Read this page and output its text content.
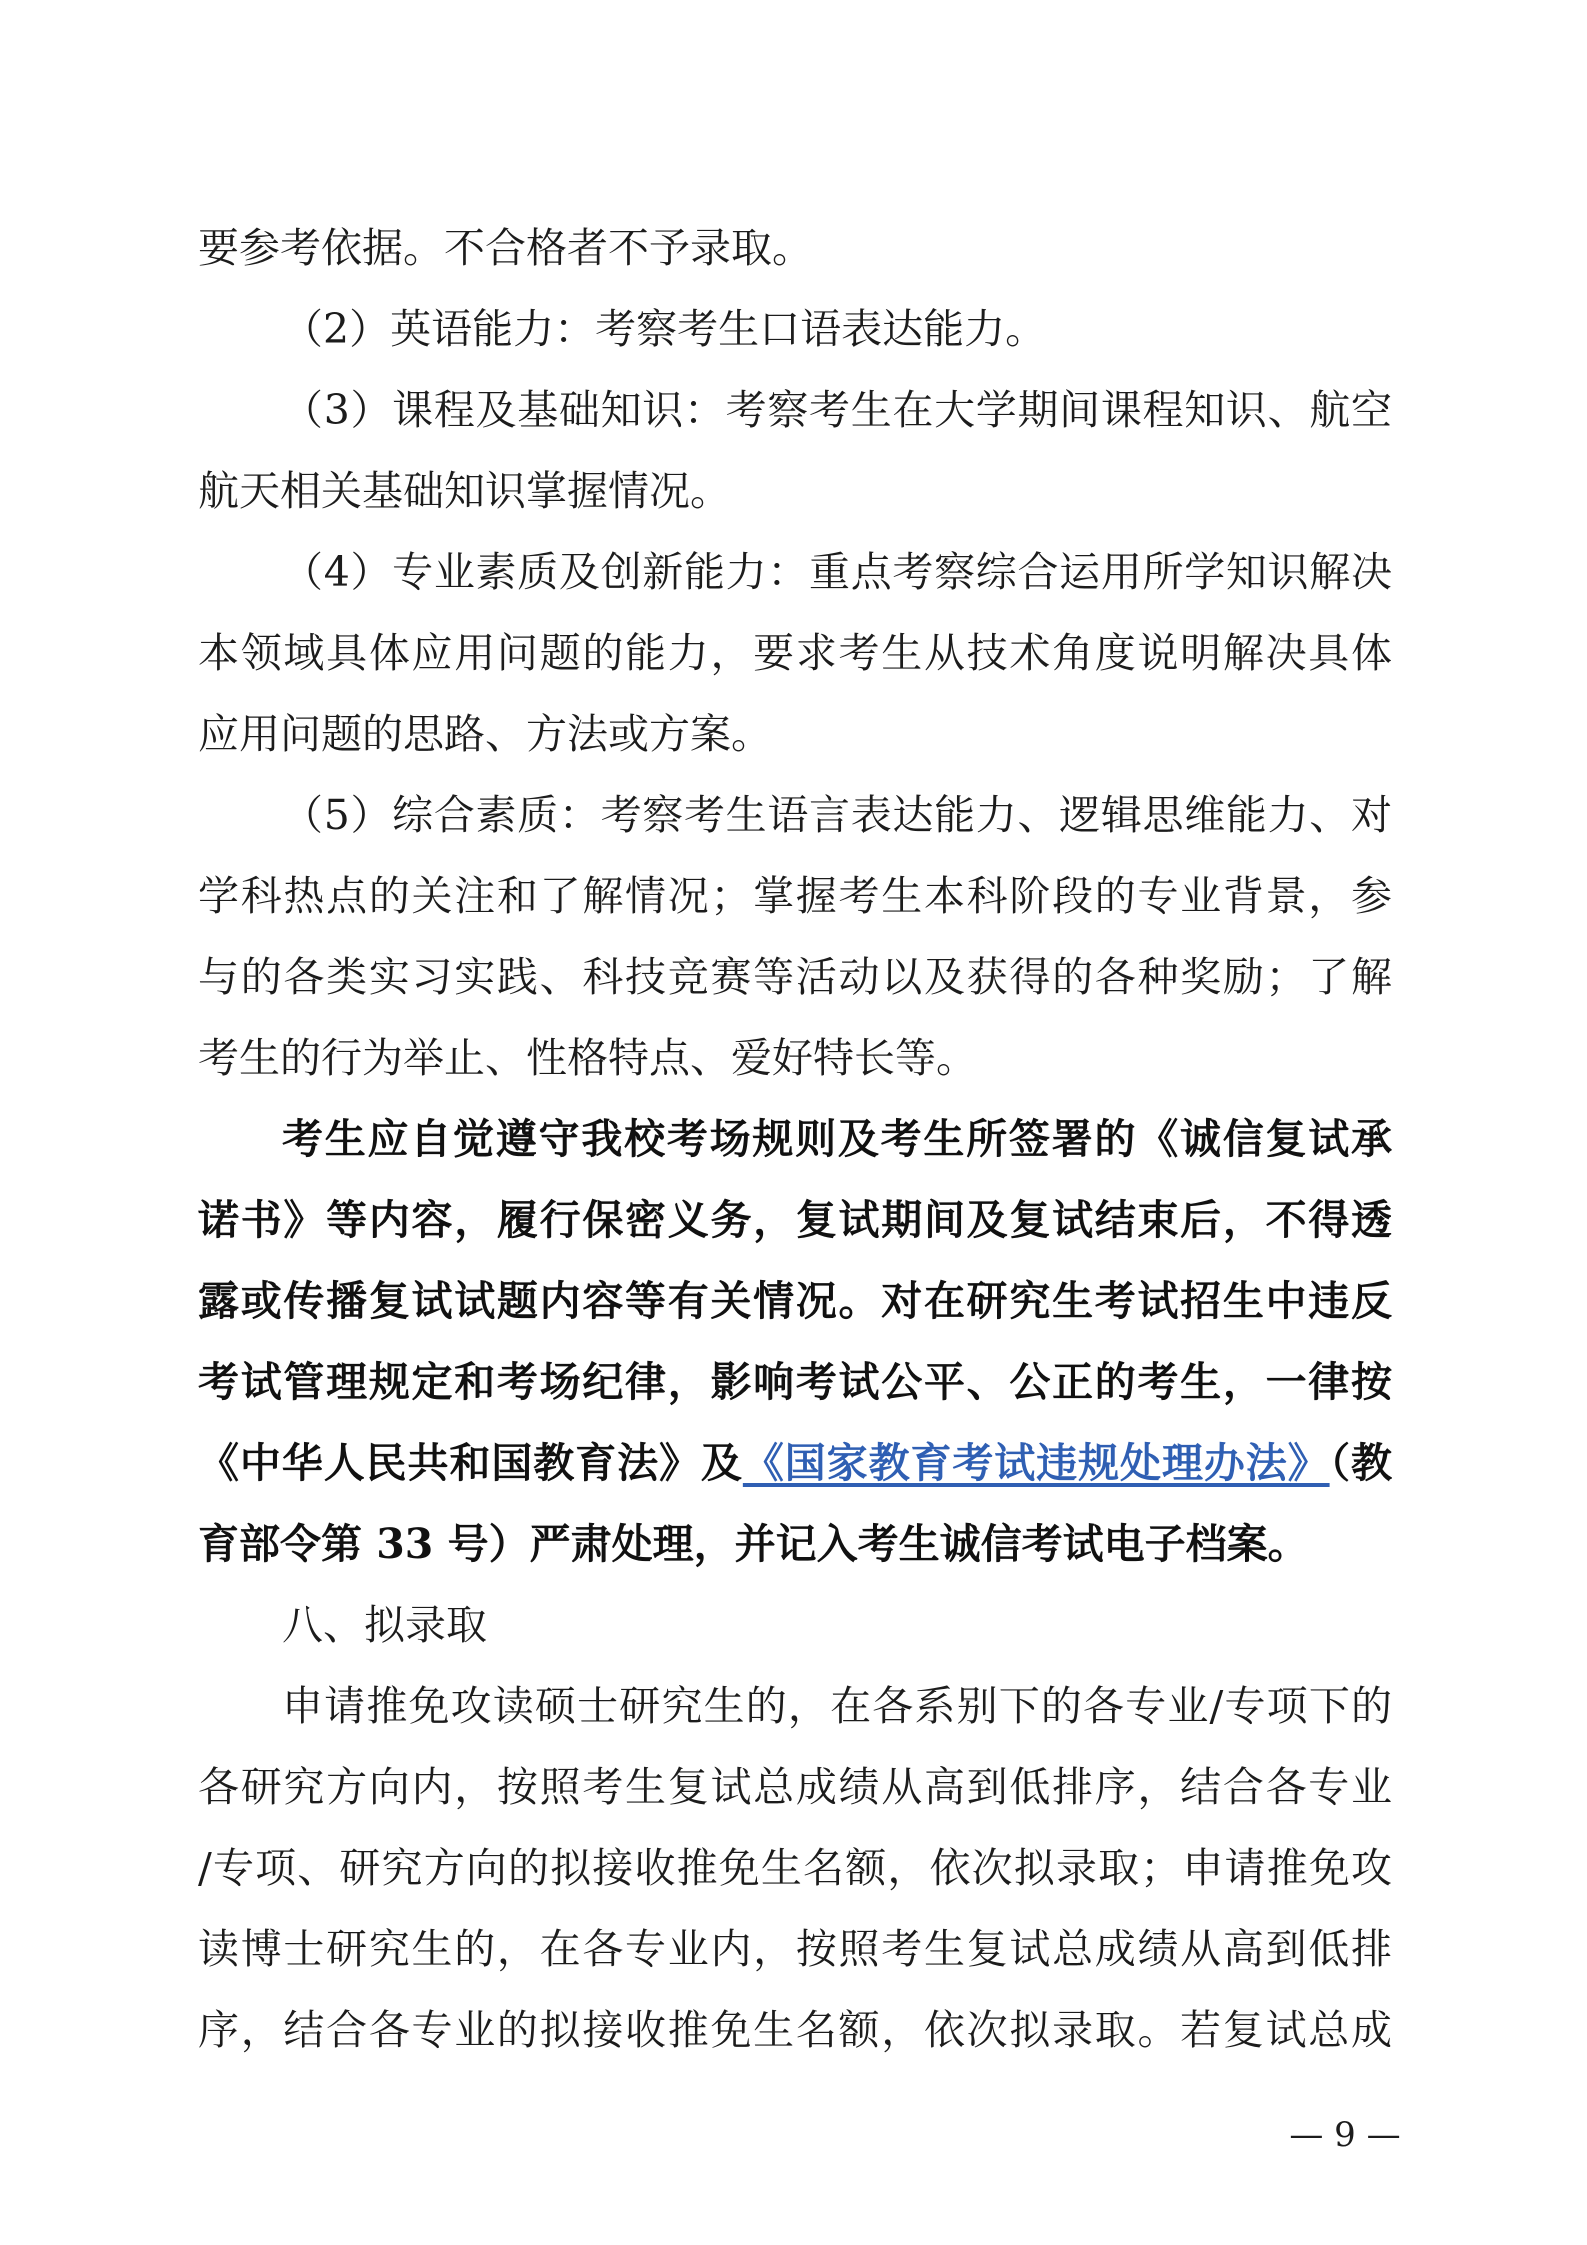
要参考依据。不合格者不予录取。
（2）英语能力：考察考生口语表达能力。
（3）课程及基础知识：考察考生在大学期间课程知识、航空
航天相关基础知识掌握情况。
（4）专业素质及创新能力：重点考察综合运用所学知识解决
本领域具体应用问题的能力，要求考生从技术角度说明解决具体
应用问题的思路、方法或方案。
（5）综合素质：考察考生语言表达能力、逻辑思维能力、对
学科热点的关注和了解情况；掌握考生本科阶段的专业背景，参
与的各类实习实践、科技竞赛等活动以及获得的各种奖励；了解
考生的行为举止、性格特点、爱好特长等。
考生应自觉遵守我校考场规则及考生所签署的《诚信复试承
诺书》等内容，履行保密义务，复试期间及复试结束后，不得透
露或传播复试试题内容等有关情况。对在研究生考试招生中违反
考试管理规定和考场纪律，影响考试公平、公正的考生，一律按
《中华人民共和国教育法》及《国家教育考试违规处理办法》（教
育部令第 33 号）严肃处理，并记入考生诚信考试电子档案。
八、拟录取
申请推免攻读硕士研究生的，在各系别下的各专业/专项下的
各研究方向内，按照考生复试总成绩从高到低排序，结合各专业
/专项、研究方向的拟接收推免生名额，依次拟录取；申请推免攻
读博士研究生的，在各专业内，按照考生复试总成绩从高到低排
序，结合各专业的拟接收推免生名额，依次拟录取。若复试总成
— 9 —
